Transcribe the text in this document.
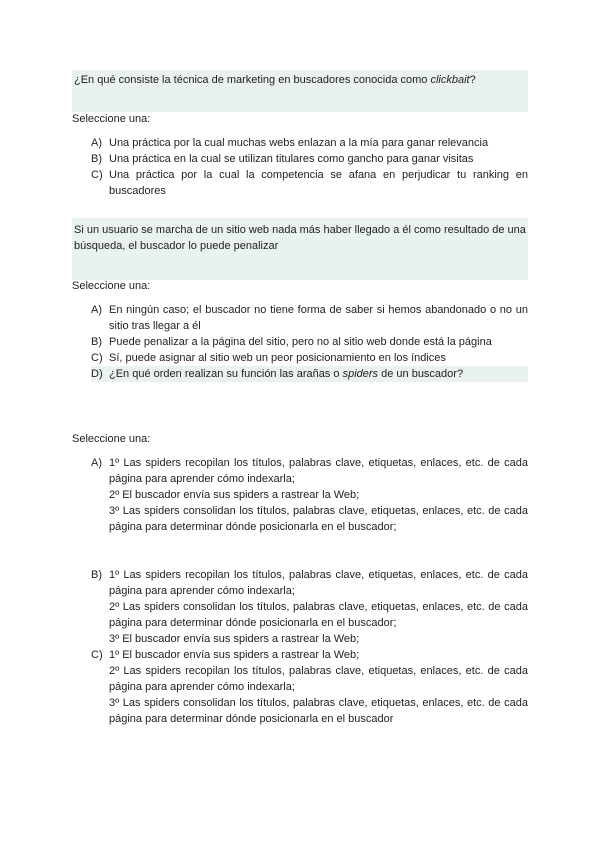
¿En qué consiste la técnica de marketing en buscadores conocida como clickbait?
Seleccione una:
A) Una práctica por la cual muchas webs enlazan a la mía para ganar relevancia
B) Una práctica en la cual se utilizan titulares como gancho para ganar visitas
C) Una práctica por la cual la competencia se afana en perjudicar tu ranking en buscadores
Si un usuario se marcha de un sitio web nada más haber llegado a él como resultado de una búsqueda, el buscador lo puede penalizar
Seleccione una:
A) En ningún caso; el buscador no tiene forma de saber si hemos abandonado o no un sitio tras llegar a él
B) Puede penalizar a la página del sitio, pero no al sitio web donde está la página
C) Sí, puede asignar al sitio web un peor posicionamiento en los índices
D) ¿En qué orden realizan su función las arañas o spiders de un buscador?
Seleccione una:
A) 1º Las spiders recopilan los títulos, palabras clave, etiquetas, enlaces, etc. de cada página para aprender cómo indexarla;
2º El buscador envía sus spiders a rastrear la Web;
3º Las spiders consolidan los títulos, palabras clave, etiquetas, enlaces, etc. de cada página para determinar dónde posicionarla en el buscador;
B) 1º Las spiders recopilan los títulos, palabras clave, etiquetas, enlaces, etc. de cada página para aprender cómo indexarla;
2º Las spiders consolidan los títulos, palabras clave, etiquetas, enlaces, etc. de cada página para determinar dónde posicionarla en el buscador;
3º El buscador envía sus spiders a rastrear la Web;
C) 1º El buscador envía sus spiders a rastrear la Web;
2º Las spiders recopilan los títulos, palabras clave, etiquetas, enlaces, etc. de cada página para aprender cómo indexarla;
3º Las spiders consolidan los títulos, palabras clave, etiquetas, enlaces, etc. de cada página para determinar dónde posicionarla en el buscador
